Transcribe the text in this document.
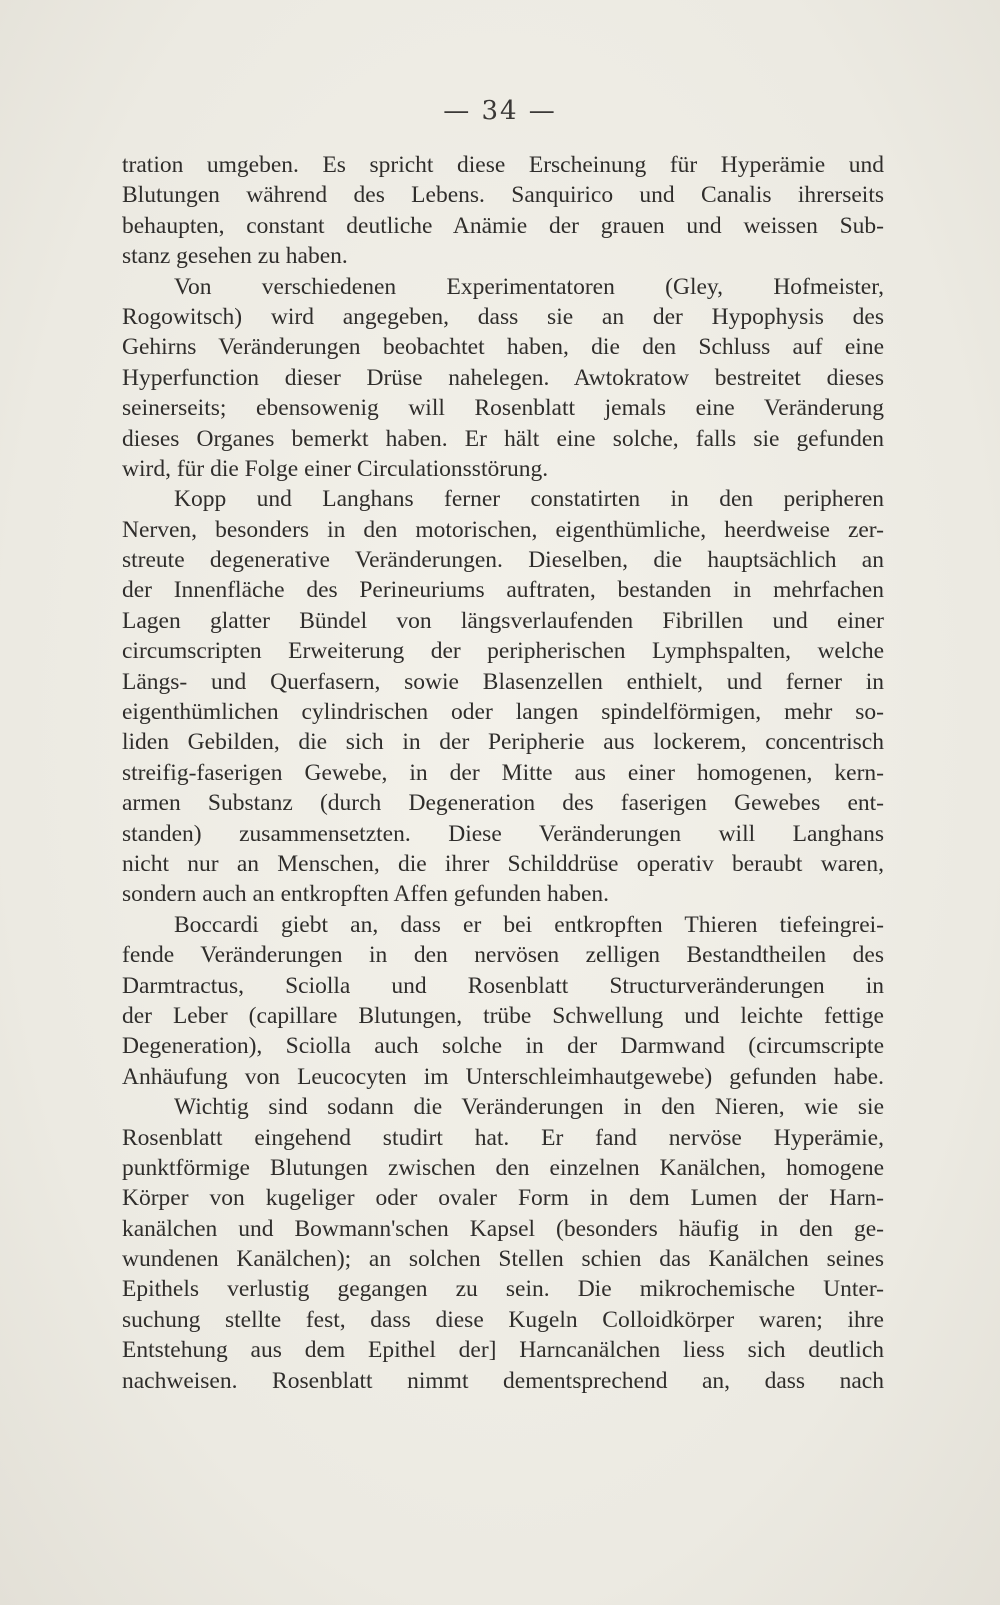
— 34 —
tration umgeben. Es spricht diese Erscheinung für Hyperämie und
Blutungen während des Lebens. Sanquirico und Canalis ihrerseits
behaupten, constant deutliche Anämie der grauen und weissen Sub-
stanz gesehen zu haben.
Von verschiedenen Experimentatoren (Gley, Hofmeister,
Rogowitsch) wird angegeben, dass sie an der Hypophysis des
Gehirns Veränderungen beobachtet haben, die den Schluss auf eine
Hyperfunction dieser Drüse nahelegen. Awtokratow bestreitet dieses
seinerseits; ebensowenig will Rosenblatt jemals eine Veränderung
dieses Organes bemerkt haben. Er hält eine solche, falls sie gefunden
wird, für die Folge einer Circulationsstörung.
Kopp und Langhans ferner constatirten in den peripheren
Nerven, besonders in den motorischen, eigenthümliche, heerdweise zer-
streute degenerative Veränderungen. Dieselben, die hauptsächlich an
der Innenfläche des Perineuriums auftraten, bestanden in mehrfachen
Lagen glatter Bündel von längsverlaufenden Fibrillen und einer
circumscripten Erweiterung der peripherischen Lymphspalten, welche
Längs- und Querfasern, sowie Blasenzellen enthielt, und ferner in
eigenthümlichen cylindrischen oder langen spindelförmigen, mehr so-
liden Gebilden, die sich in der Peripherie aus lockerem, concentrisch
streifig-faserigen Gewebe, in der Mitte aus einer homogenen, kern-
armen Substanz (durch Degeneration des faserigen Gewebes ent-
standen) zusammensetzten. Diese Veränderungen will Langhans
nicht nur an Menschen, die ihrer Schilddrüse operativ beraubt waren,
sondern auch an entkropften Affen gefunden haben.
Boccardi giebt an, dass er bei entkropften Thieren tiefeingrei-
fende Veränderungen in den nervösen zelligen Bestandtheilen des
Darmtractus, Sciolla und Rosenblatt Structurveränderungen in
der Leber (capillare Blutungen, trübe Schwellung und leichte fettige
Degeneration), Sciolla auch solche in der Darmwand (circumscripte
Anhäufung von Leucocyten im Unterschleimhautgewebe) gefunden habe.
Wichtig sind sodann die Veränderungen in den Nieren, wie sie
Rosenblatt eingehend studirt hat. Er fand nervöse Hyperämie,
punktförmige Blutungen zwischen den einzelnen Kanälchen, homogene
Körper von kugeliger oder ovaler Form in dem Lumen der Harn-
kanälchen und Bowmann'schen Kapsel (besonders häufig in den ge-
wundenen Kanälchen); an solchen Stellen schien das Kanälchen seines
Epithels verlustig gegangen zu sein. Die mikrochemische Unter-
suchung stellte fest, dass diese Kugeln Colloidkörper waren; ihre
Entstehung aus dem Epithel der] Harncanälchen liess sich deutlich
nachweisen. Rosenblatt nimmt dementsprechend an, dass nach
